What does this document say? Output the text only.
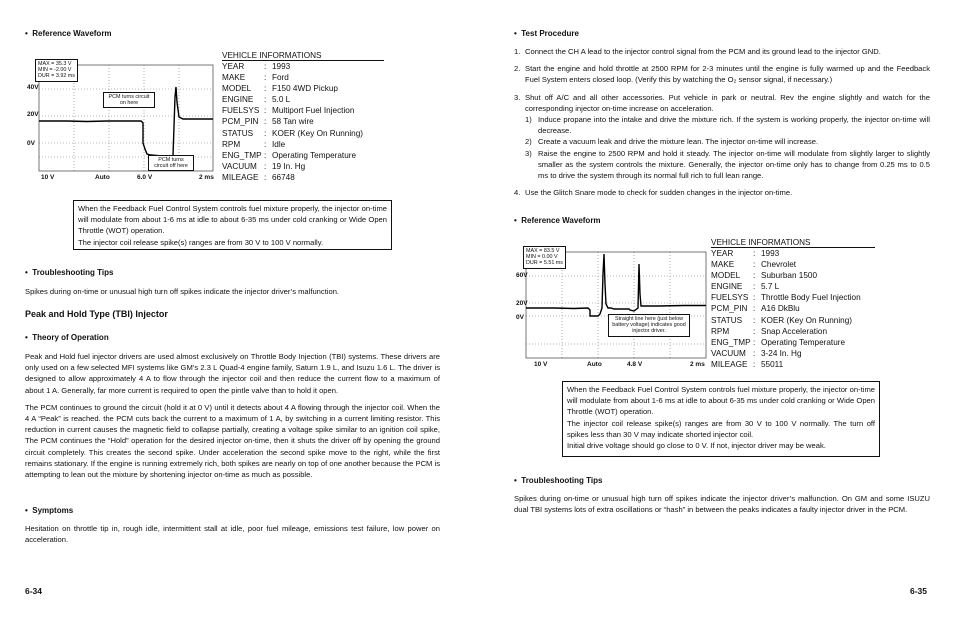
•  Reference Waveform
MAX = 35.3 V
MIN = -2.00 V
DUR = 3.92 ms
40V
20V
0V
10 V	Auto	6.0 V	2 ms
PCM turns circuit on here
PCM turns circuit off here
VEHICLE INFORMATIONS
YEAR : 1993
MAKE : Ford
MODEL : F150 4WD Pickup
ENGINE : 5.0 L
FUELSYS : Multiport Fuel Injection
PCM_PIN : 58 Tan wire
STATUS : KOER (Key On Running)
RPM	: Idle
ENG_TMP : Operating Temperature
VACUUM : 19 In. Hg
MILEAGE : 66748
When the Feedback Fuel Control System controls fuel mixture properly, the injector on-time will modulate from about 1-6 ms at idle to about 6-35 ms under cold cranking or Wide Open Throttle (WOT) operation.
The injector coil release spike(s) ranges are from 30 V to 100 V normally.
•  Troubleshooting Tips
Spikes during on-time or unusual high turn off spikes indicate the injector driver’s malfunction.
Peak and Hold Type (TBI) Injector
•  Theory of Operation

Peak and Hold fuel injector drivers are used almost exclusively on Throttle Body Injection (TBI) systems. These drivers are only used on a few selected MFI systems like GM’s 2.3 L Quad-4 engine family, Saturn 1.9 L, and Isuzu 1.6 L. The driver is designed to allow approximately 4 A to flow through the injector coil and then reduce the current flow to a maximum of about 1 A. Generally, far more current is required to open the pintle valve than to hold it open.

The PCM continues to ground the circuit (hold it at 0 V) until it detects about 4 A flowing through the injector coil. When the 4 A “Peak” is reached. the PCM cuts back the current to a maximum of 1 A, by switching in a current limiting resistor. This reduction in current causes the magnetic field to collapse partially, creating a voltage spike similar to an ignition coil spike, The PCM continues the “Hold” operation for the desired injector on-time, then it shuts the driver off by opening the ground circuit completely. This creates the second spike. Under acceleration the second spike move to the right, while the first remains stationary. If the engine is running extremely rich, both spikes are nearly on top of one another because the PCM is attempting to lean out the mixture by shortening injector on-time as much as possible.

•  Symptoms
Hesitation on throttle tip in, rough idle, intermittent stall at idle, poor fuel mileage, emissions test failure, low power on acceleration.
6-34
•  Test Procedure
1. Connect the CH A lead to the injector control signal from the PCM and its ground lead to the injector GND.
2. Start the engine and hold throttle at 2500 RPM for 2-3 minutes until the engine is fully warmed up and the Feedback Fuel System enters closed loop. (Verify this by watching the O₂ sensor signal, if necessary.)
3. Shut off A/C and all other accessories. Put vehicle in park or neutral. Rev the engine slightly and watch for the corresponding injector on-time increase on acceleration.
1) Induce propane into the intake and drive the mixture rich. If the system is working properly, the injector on-time will decrease.
2) Create a vacuum leak and drive the mixture lean. The injector on-time will increase.
3) Raise the engine to 2500 RPM and hold it steady. The injector on-time will modulate from slightly larger to slightly smaller as the system controls the mixture. Generally, the injector on-time only has to change from 0.25 ms to 0.5 ms to drive the system through its normal full rich to full lean range.
4. Use the Glitch Snare mode to check for sudden changes in the injector on-time.
•  Reference Waveform
MAX = 83.5 V
MIN = 0.00 V
DUR = 5.51 ms
60V
20V
0V
10 V	Auto	4.8 V	2 ms
Straight line here (just below battery voltage) indicates good injector driver.
VEHICLE INFORMATIONS
YEAR : 1993
MAKE : Chevrolet
MODEL : Suburban 1500
ENGINE : 5.7 L
FUELSYS : Throttle Body Fuel Injection
PCM_PIN : A16 DkBlu
STATUS : KOER (Key On Running)
RPM	: Snap Acceleration
ENG_TMP : Operating Temperature
VACUUM : 3-24 In. Hg
MILEAGE : 55011
When the Feedback Fuel Control System controls fuel mixture properly, the injector on-time will modulate from about 1-6 ms at idle to about 6-35 ms under cold cranking or Wide Open Throttle (WOT) operation.
The injector coil release spike(s) ranges are from 30 V to 100 V normally. The turn off spikes less than 30 V may indicate shorted injector coil.
Initial drive voltage should go close to 0 V. If not, injector driver may be weak.
•  Troubleshooting Tips
Spikes during on-time or unusual high turn off spikes indicate the injector driver’s malfunction. On GM and some ISUZU dual TBI systems lots of extra oscillations or “hash” in between the peaks indicates a faulty injector driver in the PCM.
6-35
